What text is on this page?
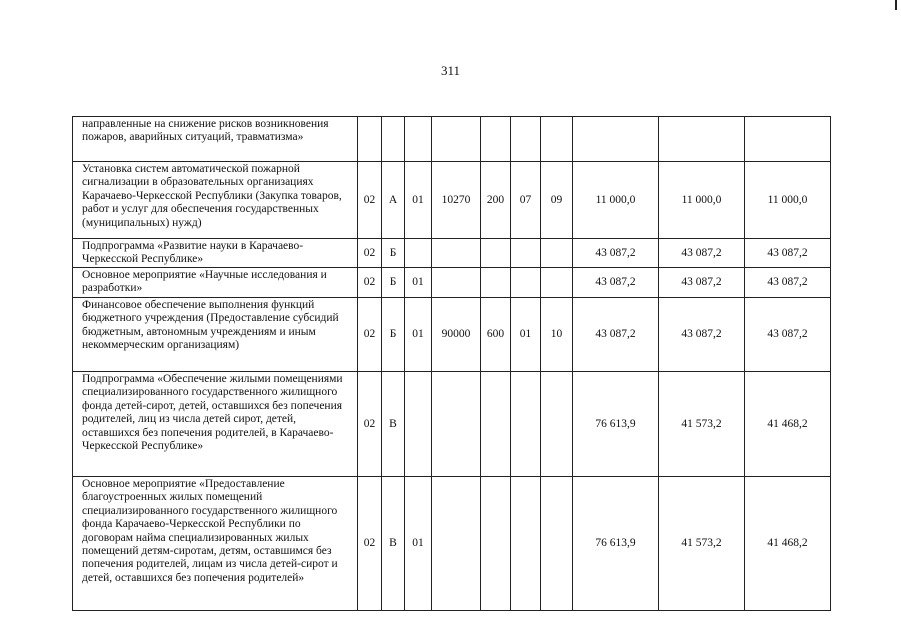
311
направленные на снижение рисков возникновения пожаров, аварийных ситуаций, травматизма»										
Установка систем автоматической пожарной сигнализации в образовательных организациях Карачаево-Черкесской Республики (Закупка товаров, работ и услуг для обеспечения государственных (муниципальных) нужд)	02	А	01	10270	200	07	09	11 000,0	11 000,0	11 000,0
Подпрограмма «Развитие науки в Карачаево-Черкесской Республике»	02	Б						43 087,2	43 087,2	43 087,2
Основное мероприятие «Научные исследования и разработки»	02	Б	01					43 087,2	43 087,2	43 087,2
Финансовое обеспечение выполнения функций бюджетного учреждения (Предоставление субсидий бюджетным, автономным учреждениям и иным некоммерческим организациям)	02	Б	01	90000	600	01	10	43 087,2	43 087,2	43 087,2
Подпрограмма «Обеспечение жилыми помещениями специализированного государственного жилищного фонда детей-сирот, детей, оставшихся без попечения родителей, лиц из числа детей сирот, детей, оставшихся без попечения родителей, в Карачаево-Черкесской Республике»	02	В						76 613,9	41 573,2	41 468,2
Основное мероприятие «Предоставление благоустроенных жилых помещений специализированного государственного жилищного фонда Карачаево-Черкесской Республики по договорам найма специализированных жилых помещений детям-сиротам, детям, оставшимся без попечения родителей, лицам из числа детей-сирот и детей, оставшихся без попечения родителей»	02	В	01					76 613,9	41 573,2	41 468,2
